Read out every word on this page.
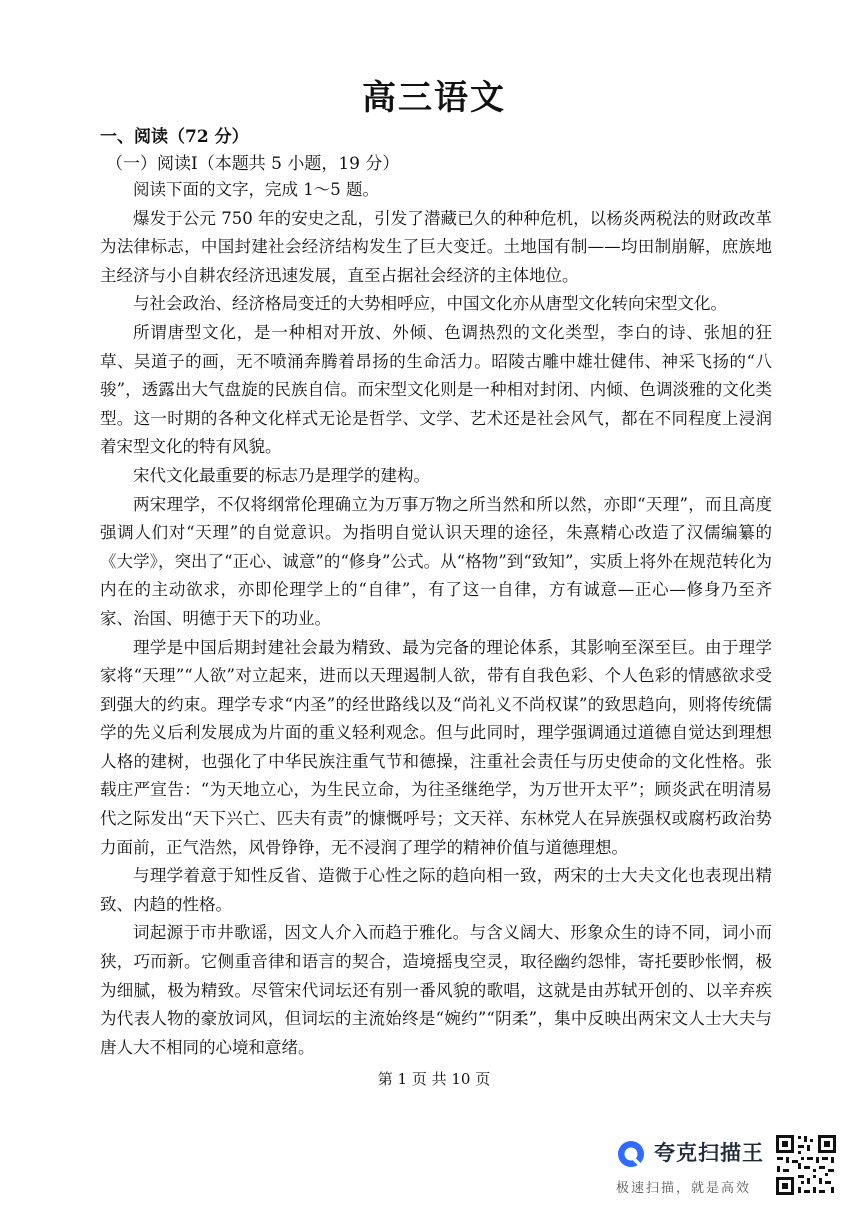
高三语文
一、阅读（72 分）
（一）阅读Ⅰ（本题共 5 小题，19 分）

阅读下面的文字，完成 1～5 题。

爆发于公元 750 年的安史之乱，引发了潜藏已久的种种危机，以杨炎两税法的财政改革为法律标志，中国封建社会经济结构发生了巨大变迁。土地国有制——均田制崩解，庶族地主经济与小自耕农经济迅速发展，直至占据社会经济的主体地位。

与社会政治、经济格局变迁的大势相呼应，中国文化亦从唐型文化转向宋型文化。

所谓唐型文化，是一种相对开放、外倾、色调热烈的文化类型，李白的诗、张旭的狂草、吴道子的画，无不喷涌奔腾着昂扬的生命活力。昭陵古雕中雄壮健伟、神采飞扬的“八骏”，透露出大气盘旋的民族自信。而宋型文化则是一种相对封闭、内倾、色调淡雅的文化类型。这一时期的各种文化样式无论是哲学、文学、艺术还是社会风气，都在不同程度上浸润着宋型文化的特有风貌。

宋代文化最重要的标志乃是理学的建构。

两宋理学，不仅将纲常伦理确立为万事万物之所当然和所以然，亦即“天理”，而且高度强调人们对“天理”的自觉意识。为指明自觉认识天理的途径，朱熹精心改造了汉儒编纂的《大学》，突出了“正心、诚意”的“修身”公式。从“格物”到“致知”，实质上将外在规范转化为内在的主动欲求，亦即伦理学上的“自律”，有了这一自律，方有诚意—正心—修身乃至齐家、治国、明德于天下的功业。

理学是中国后期封建社会最为精致、最为完备的理论体系，其影响至深至巨。由于理学家将“天理”“人欲”对立起来，进而以天理遏制人欲，带有自我色彩、个人色彩的情感欲求受到强大的约束。理学专求“内圣”的经世路线以及“尚礼义不尚权谋”的致思趋向，则将传统儒学的先义后利发展成为片面的重义轻利观念。但与此同时，理学强调通过道德自觉达到理想人格的建树，也强化了中华民族注重气节和德操，注重社会责任与历史使命的文化性格。张载庄严宣告：“为天地立心，为生民立命，为往圣继绝学，为万世开太平”；顾炎武在明清易代之际发出“天下兴亡、匹夫有责”的慷慨呼号；文天祥、东林党人在异族强权或腐朽政治势力面前，正气浩然，风骨铮铮，无不浸润了理学的精神价值与道德理想。

与理学着意于知性反省、造微于心性之际的趋向相一致，两宋的士大夫文化也表现出精致、内趋的性格。

词起源于市井歌谣，因文人介入而趋于雅化。与含义阔大、形象众生的诗不同，词小而狭，巧而新。它侧重音律和语言的契合，造境摇曳空灵，取径幽约怨悱，寄托要眇怅惘，极为细腻，极为精致。尽管宋代词坛还有别一番风貌的歌唱，这就是由苏轼开创的、以辛弃疾为代表人物的豪放词风，但词坛的主流始终是“婉约”“阴柔”，集中反映出两宋文人士大夫与唐人大不相同的心境和意绪。

第 1 页 共 10 页
夸克扫描王
极速扫描，就是高效
